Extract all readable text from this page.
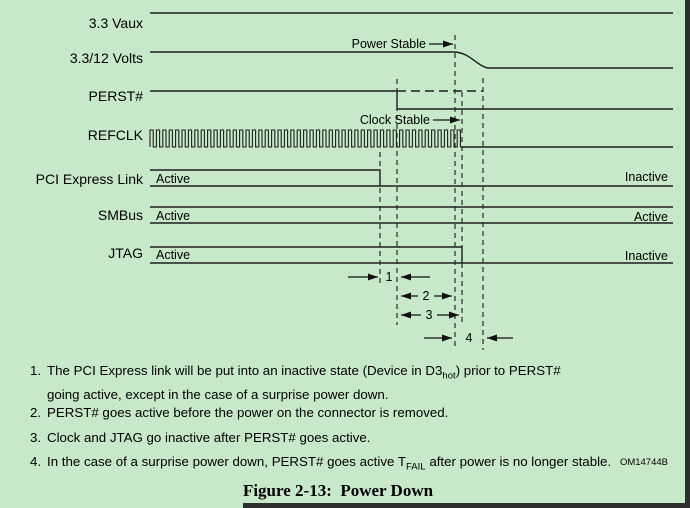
3.3 Vaux
3.3/12 Volts
PERST#
REFCLK
PCI Express Link
SMBus
JTAG
Active	Inactive
Active	Active
Active	Inactive
Power Stable
Clock Stable
1
2
3
4
1. The PCI Express link will be put into an inactive state (Device in $D3_{hot}$) prior to PERST#
going active, except in the case of a surprise power down.
2. PERST# goes active before the power on the connector is removed.
3. Clock and JTAG go inactive after PERST# goes active.
4. In the case of a surprise power down, PERST# goes active $T_{FAIL}$ after power is no longer stable. OM14744B
Figure 2-13:  Power Down
